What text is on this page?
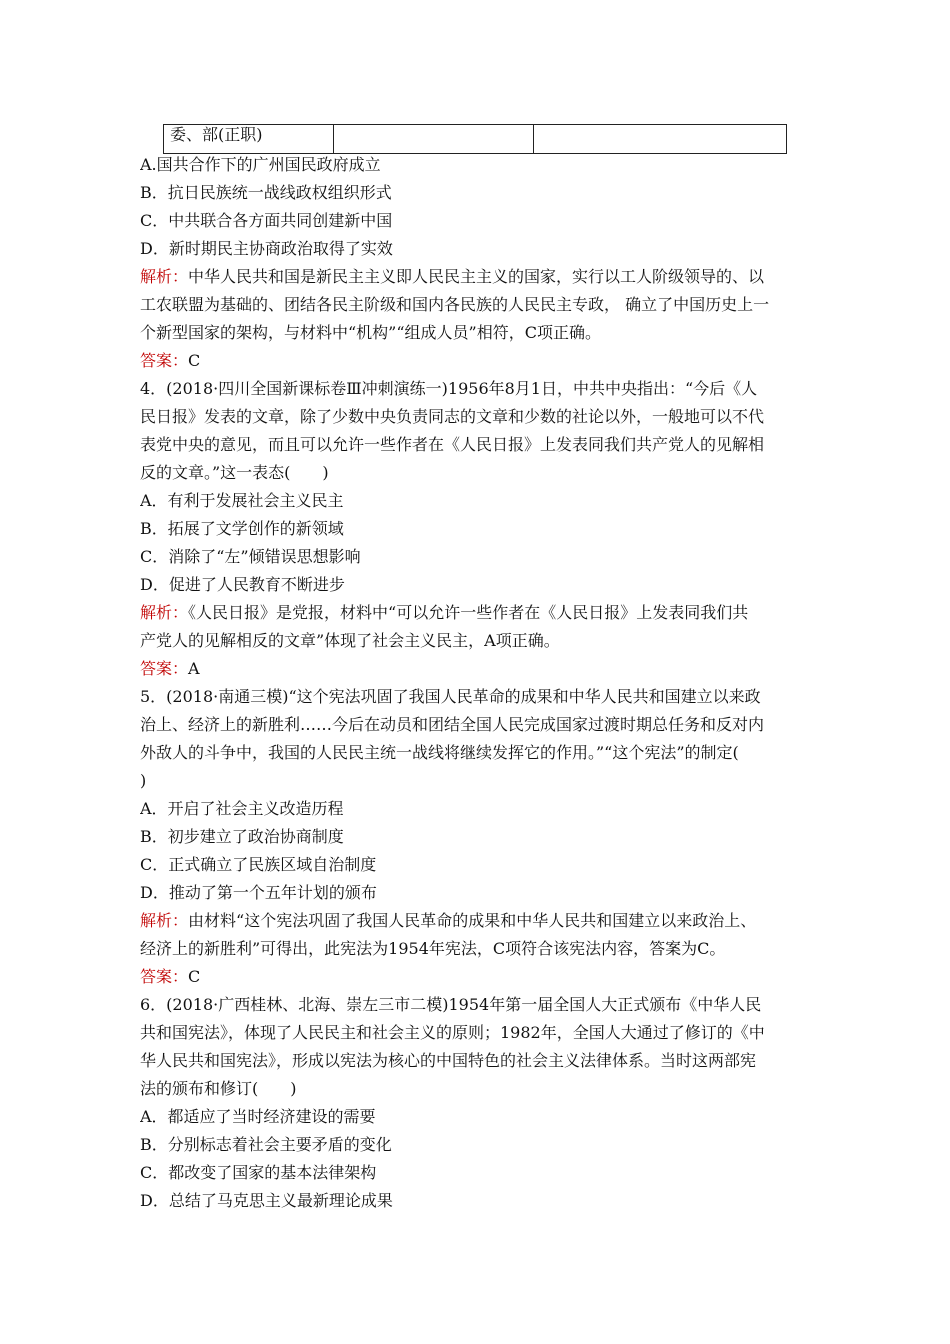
委、部(正职)		
A.国共合作下的广州国民政府成立
B．抗日民族统一战线政权组织形式
C．中共联合各方面共同创建新中国
D．新时期民主协商政治取得了实效
解析：中华人民共和国是新民主主义即人民民主主义的国家，实行以工人阶级领导的、以
工农联盟为基础的、团结各民主阶级和国内各民族的人民民主专政， 确立了中国历史上一
个新型国家的架构，与材料中“机构”“组成人员”相符，C项正确。
答案：C
4．(2018·四川全国新课标卷Ⅲ冲刺演练一)1956年8月1日，中共中央指出：“今后《人
民日报》发表的文章，除了少数中央负责同志的文章和少数的社论以外，一般地可以不代
表党中央的意见，而且可以允许一些作者在《人民日报》上发表同我们共产党人的见解相
反的文章。”这一表态(　　)
A．有利于发展社会主义民主
B．拓展了文学创作的新领域
C．消除了“左”倾错误思想影响
D．促进了人民教育不断进步
解析：《人民日报》是党报，材料中“可以允许一些作者在《人民日报》上发表同我们共
产党人的见解相反的文章”体现了社会主义民主，A项正确。
答案：A
5．(2018·南通三模)“这个宪法巩固了我国人民革命的成果和中华人民共和国建立以来政
治上、经济上的新胜利……今后在动员和团结全国人民完成国家过渡时期总任务和反对内
外敌人的斗争中，我国的人民民主统一战线将继续发挥它的作用。”“这个宪法”的制定(
)
A．开启了社会主义改造历程
B．初步建立了政治协商制度
C．正式确立了民族区域自治制度
D．推动了第一个五年计划的颁布
解析：由材料“这个宪法巩固了我国人民革命的成果和中华人民共和国建立以来政治上、
经济上的新胜利”可得出，此宪法为1954年宪法，C项符合该宪法内容，答案为C。
答案：C
6．(2018·广西桂林、北海、崇左三市二模)1954年第一届全国人大正式颁布《中华人民
共和国宪法》，体现了人民民主和社会主义的原则；1982年，全国人大通过了修订的《中
华人民共和国宪法》，形成以宪法为核心的中国特色的社会主义法律体系。当时这两部宪
法的颁布和修订(　　)
A．都适应了当时经济建设的需要
B．分别标志着社会主要矛盾的变化
C．都改变了国家的基本法律架构
D．总结了马克思主义最新理论成果
